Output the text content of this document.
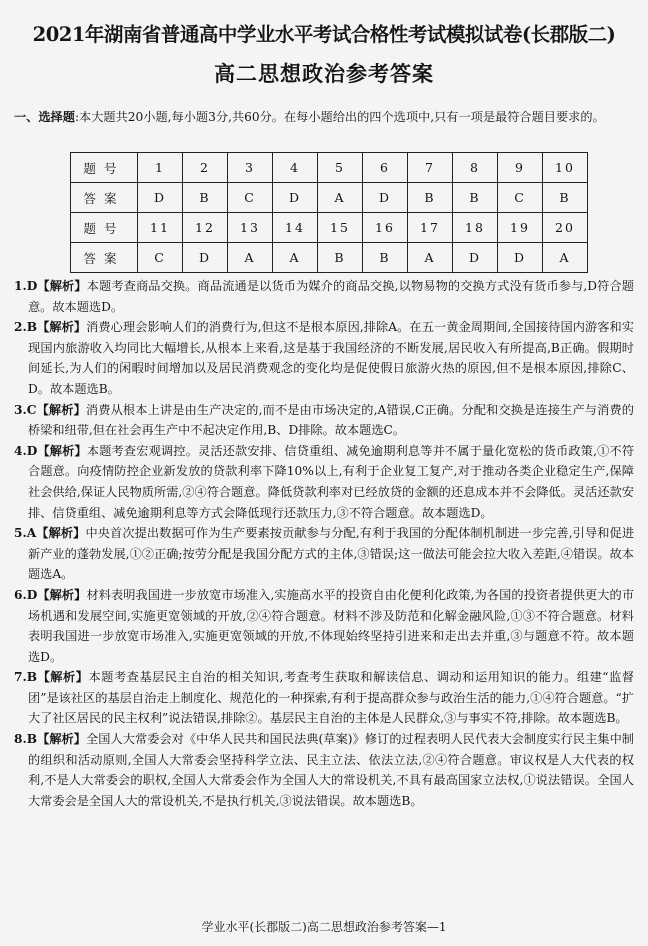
2021年湖南省普通高中学业水平考试合格性考试模拟试卷(长郡版二)
高二思想政治参考答案
一、选择题:本大题共20小题,每小题3分,共60分。在每小题给出的四个选项中,只有一项是最符合题目要求的。
题号	1	2	3	4	5	6	7	8	9	10
答案	D	B	C	D	A	D	B	B	C	B
题号	11	12	13	14	15	16	17	18	19	20
答案	C	D	A	A	B	B	A	D	D	A
1.D【解析】本题考查商品交换。商品流通是以货币为媒介的商品交换,以物易物的交换方式没有货币参与,D符合题意。故本题选D。
2.B【解析】消费心理会影响人们的消费行为,但这不是根本原因,排除A。在五一黄金周期间,全国接待国内游客和实现国内旅游收入均同比大幅增长,从根本上来看,这是基于我国经济的不断发展,居民收入有所提高,B正确。假期时间延长,为人们的闲暇时间增加以及居民消费观念的变化均是促使假日旅游火热的原因,但不是根本原因,排除C、D。故本题选B。
3.C【解析】消费从根本上讲是由生产决定的,而不是由市场决定的,A错误,C正确。分配和交换是连接生产与消费的桥梁和纽带,但在社会再生产中不起决定作用,B、D排除。故本题选C。
4.D【解析】本题考查宏观调控。灵活还款安排、信贷重组、减免逾期利息等并不属于量化宽松的货币政策,①不符合题意。向疫情防控企业新发放的贷款利率下降10%以上,有利于企业复工复产,对于推动各类企业稳定生产,保障社会供给,保证人民物质所需,②④符合题意。降低贷款利率对已经放贷的金额的还息成本并不会降低。灵活还款安排、信贷重组、减免逾期利息等方式会降低现行还款压力,③不符合题意。故本题选D。
5.A【解析】中央首次提出数据可作为生产要素按贡献参与分配,有利于我国的分配体制机制进一步完善,引导和促进新产业的蓬勃发展,①②正确;按劳分配是我国分配方式的主体,③错误;这一做法可能会拉大收入差距,④错误。故本题选A。
6.D【解析】材料表明我国进一步放宽市场准入,实施高水平的投资自由化便利化政策,为各国的投资者提供更大的市场机遇和发展空间,实施更宽领域的开放,②④符合题意。材料不涉及防范和化解金融风险,①③不符合题意。材料表明我国进一步放宽市场准入,实施更宽领域的开放,不体现始终坚持引进来和走出去并重,③与题意不符。故本题选D。
7.B【解析】本题考查基层民主自治的相关知识,考查考生获取和解读信息、调动和运用知识的能力。组建“监督团”是该社区的基层自治走上制度化、规范化的一种探索,有利于提高群众参与政治生活的能力,①④符合题意。“扩大了社区居民的民主权利”说法错误,排除②。基层民主自治的主体是人民群众,③与事实不符,排除。故本题选B。
8.B【解析】全国人大常委会对《中华人民共和国民法典(草案)》修订的过程表明人民代表大会制度实行民主集中制的组织和活动原则,全国人大常委会坚持科学立法、民主立法、依法立法,②④符合题意。审议权是人大代表的权利,不是人大常委会的职权,全国人大常委会作为全国人大的常设机关,不具有最高国家立法权,①说法错误。全国人大常委会是全国人大的常设机关,不是执行机关,③说法错误。故本题选B。
学业水平(长郡版二)高二思想政治参考答案—1
